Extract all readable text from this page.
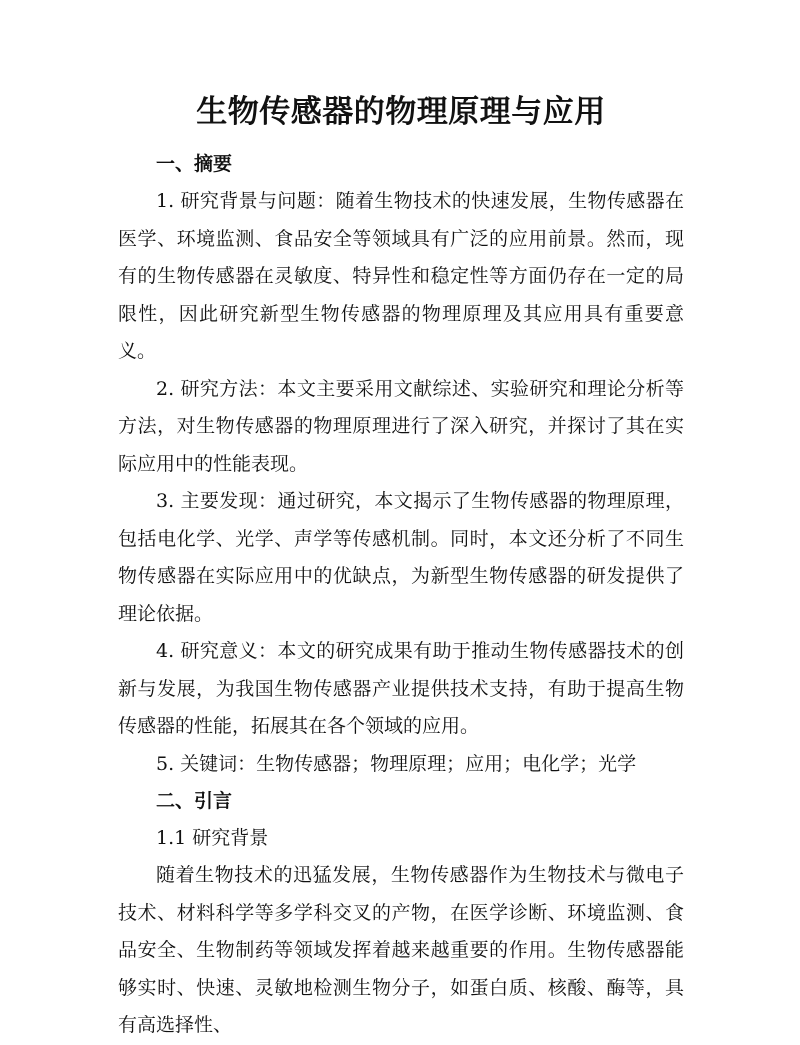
生物传感器的物理原理与应用

一、摘要

1. 研究背景与问题：随着生物技术的快速发展，生物传感器在医学、环境监测、食品安全等领域具有广泛的应用前景。然而，现有的生物传感器在灵敏度、特异性和稳定性等方面仍存在一定的局限性，因此研究新型生物传感器的物理原理及其应用具有重要意义。

2. 研究方法：本文主要采用文献综述、实验研究和理论分析等方法，对生物传感器的物理原理进行了深入研究，并探讨了其在实际应用中的性能表现。

3. 主要发现：通过研究，本文揭示了生物传感器的物理原理，包括电化学、光学、声学等传感机制。同时，本文还分析了不同生物传感器在实际应用中的优缺点，为新型生物传感器的研发提供了理论依据。

4. 研究意义：本文的研究成果有助于推动生物传感器技术的创新与发展，为我国生物传感器产业提供技术支持，有助于提高生物传感器的性能，拓展其在各个领域的应用。

5. 关键词：生物传感器；物理原理；应用；电化学；光学

二、引言

1.1 研究背景

随着生物技术的迅猛发展，生物传感器作为生物技术与微电子技术、材料科学等多学科交叉的产物，在医学诊断、环境监测、食品安全、生物制药等领域发挥着越来越重要的作用。生物传感器能够实时、快速、灵敏地检测生物分子，如蛋白质、核酸、酶等，具有高选择性、
